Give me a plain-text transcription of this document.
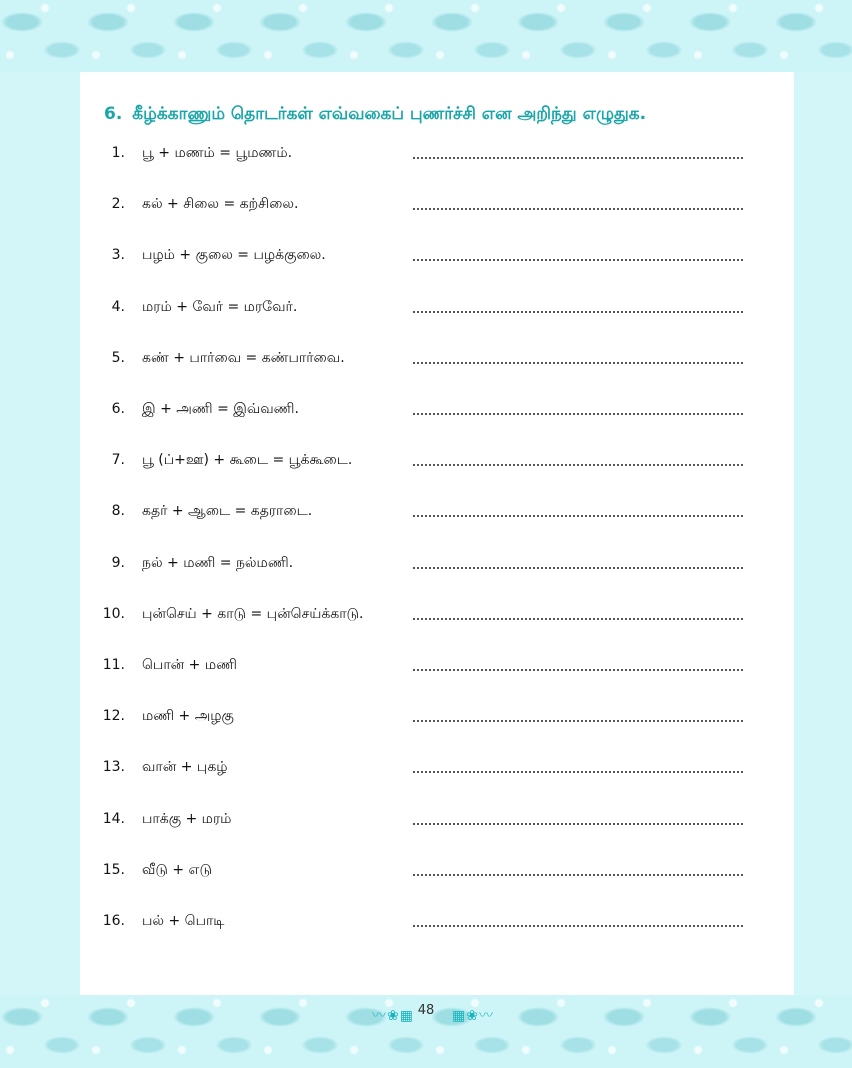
6. கீழ்க்காணும் தொடர்கள் எவ்வகைப் புணர்ச்சி என அறிந்து எழுதுக.
1. பூ + மணம் = பூமணம்.
2. கல் + சிலை = கற்சிலை.
3. பழம் + குலை = பழக்குலை.
4. மரம் + வேர் = மரவேர்.
5. கண் + பார்வை = கண்பார்வை.
6. இ + அணி = இவ்வணி.
7. பூ (ப்+ஊ) + கூடை = பூக்கூடை.
8. கதர் + ஆடை = கதராடை.
9. நல் + மணி = நல்மணி.
10. புன்செய் + காடு = புன்செய்க்காடு.
11. பொன் + மணி
12. மணி + அழகு
13. வான் + புகழ்
14. பாக்கு + மரம்
15. வீடு + எடு
16. பல் + பொடி
〰❀▦ 48	▦❀〰
